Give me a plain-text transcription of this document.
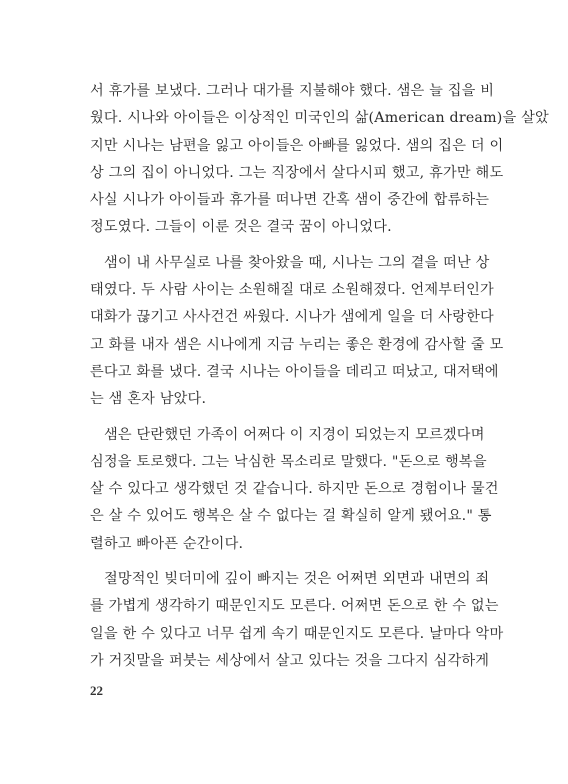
서 휴가를 보냈다. 그러나 대가를 지불해야 했다. 샘은 늘 집을 비
웠다. 시나와 아이들은 이상적인 미국인의 삶(American dream)을 살았
지만 시나는 남편을 잃고 아이들은 아빠를 잃었다. 샘의 집은 더 이
상 그의 집이 아니었다. 그는 직장에서 살다시피 했고, 휴가만 해도
사실 시나가 아이들과 휴가를 떠나면 간혹 샘이 중간에 합류하는
정도였다. 그들이 이룬 것은 결국 꿈이 아니었다.
샘이 내 사무실로 나를 찾아왔을 때, 시나는 그의 곁을 떠난 상
태였다. 두 사람 사이는 소원해질 대로 소원해졌다. 언제부터인가
대화가 끊기고 사사건건 싸웠다. 시나가 샘에게 일을 더 사랑한다
고 화를 내자 샘은 시나에게 지금 누리는 좋은 환경에 감사할 줄 모
른다고 화를 냈다. 결국 시나는 아이들을 데리고 떠났고, 대저택에
는 샘 혼자 남았다.
샘은 단란했던 가족이 어쩌다 이 지경이 되었는지 모르겠다며
심정을 토로했다. 그는 낙심한 목소리로 말했다. "돈으로 행복을
살 수 있다고 생각했던 것 같습니다. 하지만 돈으로 경험이나 물건
은 살 수 있어도 행복은 살 수 없다는 걸 확실히 알게 됐어요." 통
렬하고 빠아픈 순간이다.
절망적인 빚더미에 깊이 빠지는 것은 어쩌면 외면과 내면의 죄
를 가볍게 생각하기 때문인지도 모른다. 어쩌면 돈으로 한 수 없는
일을 한 수 있다고 너무 쉽게 속기 때문인지도 모른다. 날마다 악마
가 거짓말을 퍼붓는 세상에서 살고 있다는 것을 그다지 심각하게
22
